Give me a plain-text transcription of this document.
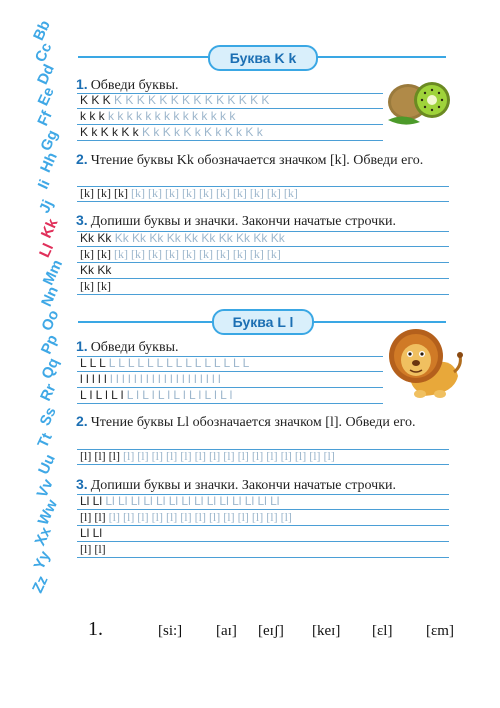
Bb
Cc
Dd
Ee
Ff
Gg
Hh
Ii
Jj
Kk
Ll
Mm
Nn
Oo
Pp
Qq
Rr
Ss
Tt
Uu
Vv
Ww
Xx
Yy
Zz
Буква K k
1. Обведи буквы.
K K K K K K K K K K K K K K K K K
k k k k k k k k k k k k k k k k k
K k K k K k K k K k K k K k K k K k
2. Чтение буквы Kk обозначается значком [k]. Обведи его.
[k] [k] [k] [k] [k] [k] [k] [k] [k] [k] [k] [k] [k]
3. Допиши буквы и значки. Закончи начатые строчки.
Kk Kk Kk Kk Kk Kk Kk Kk Kk Kk Kk Kk
[k] [k] [k] [k] [k] [k] [k] [k] [k] [k] [k] [k]
Kk Kk
[k] [k]
Буква L l
1. Обведи буквы.
L L L L L L L L L L L L L L L L L L
l l l l l l l l l l l l l l l l l l l l l l l l
L l L l L l L l L l L l L l L l L l L l
2. Чтение буквы Ll обозначается значком [l]. Обведи его.
[l] [l] [l] [l] [l] [l] [l] [l] [l] [l] [l] [l] [l] [l] [l] [l] [l] [l]
3. Допиши буквы и значки. Закончи начатые строчки.
Ll Ll Ll Ll Ll Ll Ll Ll Ll Ll Ll Ll Ll Ll Ll Ll
[l] [l] [l] [l] [l] [l] [l] [l] [l] [l] [l] [l] [l] [l] [l]
Ll Ll
[l] [l]
1.	[si:] [aɪ] [eɪʃ] [keɪ] [ɛl] [ɛm]
